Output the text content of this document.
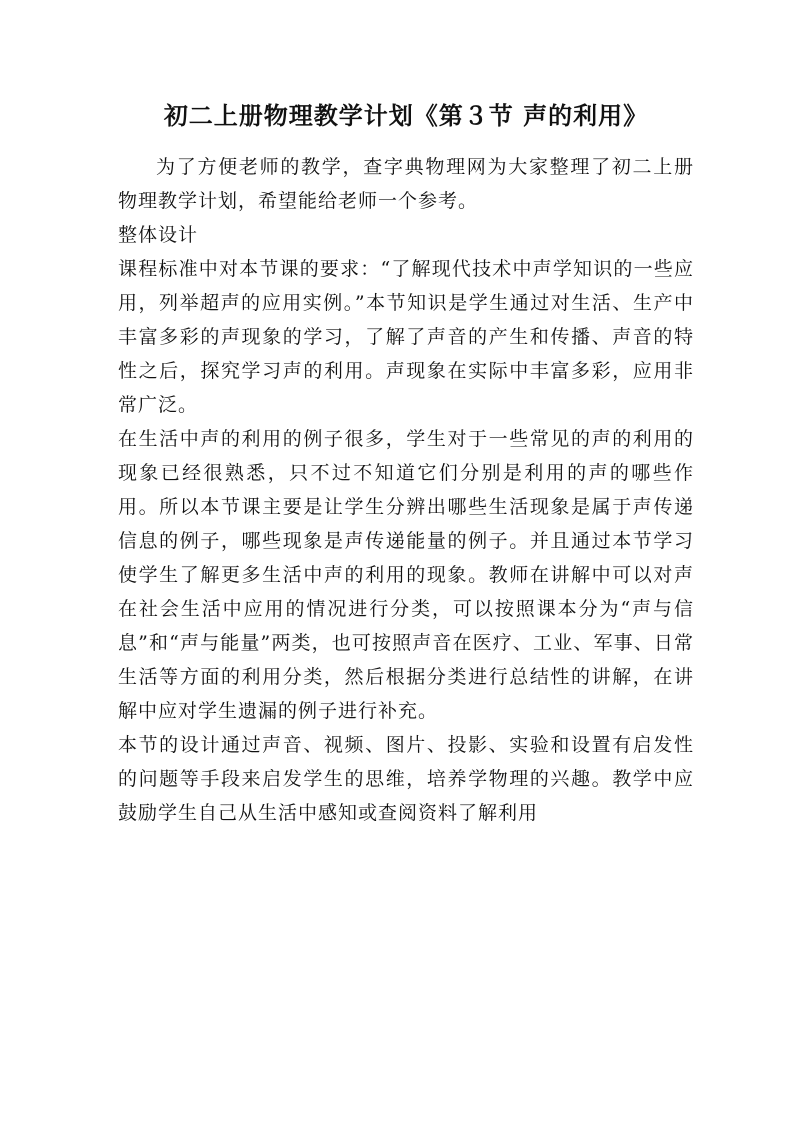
初二上册物理教学计划《第３节 声的利用》

为了方便老师的教学，查字典物理网为大家整理了初二上册物理教学计划，希望能给老师一个参考。

整体设计

课程标准中对本节课的要求：“了解现代技术中声学知识的一些应用，列举超声的应用实例。”本节知识是学生通过对生活、生产中丰富多彩的声现象的学习，了解了声音的产生和传播、声音的特性之后，探究学习声的利用。声现象在实际中丰富多彩，应用非常广泛。

在生活中声的利用的例子很多，学生对于一些常见的声的利用的现象已经很熟悉，只不过不知道它们分别是利用的声的哪些作用。所以本节课主要是让学生分辨出哪些生活现象是属于声传递信息的例子，哪些现象是声传递能量的例子。并且通过本节学习使学生了解更多生活中声的利用的现象。教师在讲解中可以对声在社会生活中应用的情况进行分类，可以按照课本分为“声与信息”和“声与能量”两类，也可按照声音在医疗、工业、军事、日常生活等方面的利用分类，然后根据分类进行总结性的讲解，在讲解中应对学生遗漏的例子进行补充。

本节的设计通过声音、视频、图片、投影、实验和设置有启发性的问题等手段来启发学生的思维，培养学物理的兴趣。教学中应鼓励学生自己从生活中感知或查阅资料了解利用
